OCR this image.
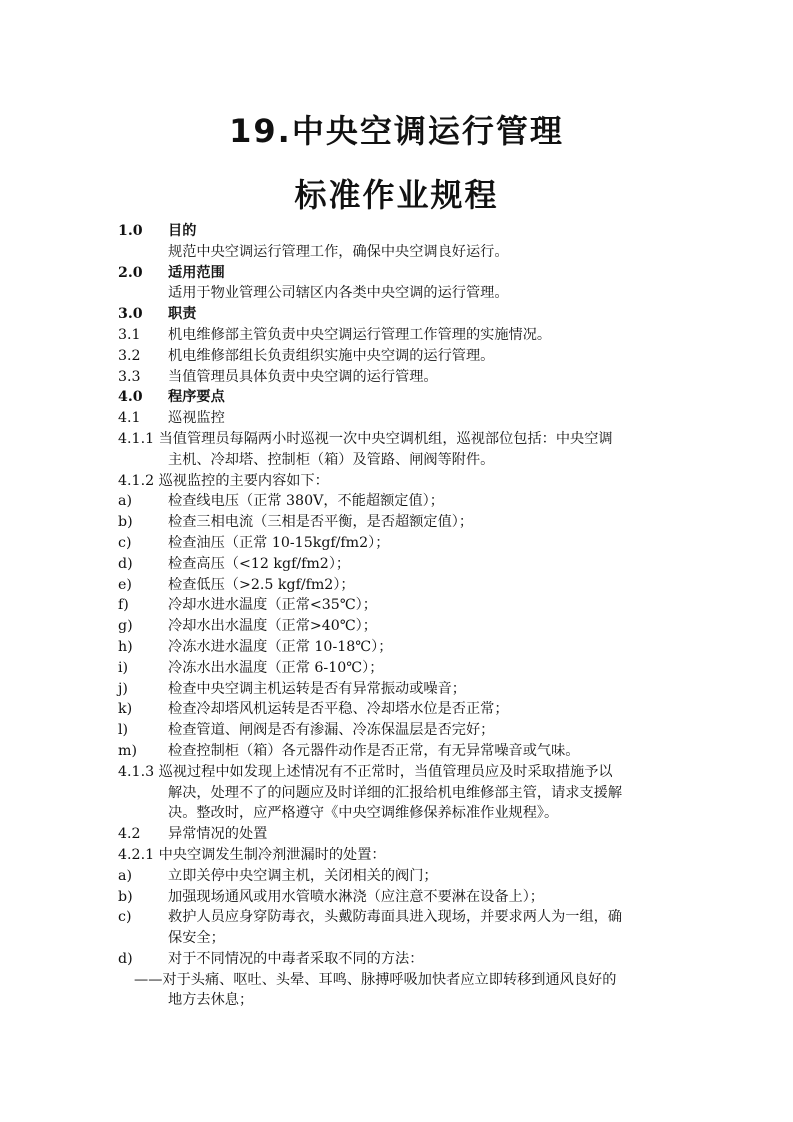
19.中央空调运行管理
标准作业规程
1.0 目的
规范中央空调运行管理工作，确保中央空调良好运行。
2.0 适用范围
适用于物业管理公司辖区内各类中央空调的运行管理。
3.0 职责
3.1 机电维修部主管负责中央空调运行管理工作管理的实施情况。
3.2 机电维修部组长负责组织实施中央空调的运行管理。
3.3 当值管理员具体负责中央空调的运行管理。
4.0 程序要点
4.1 巡视监控
4.1.1 当值管理员每隔两小时巡视一次中央空调机组，巡视部位包括：中央空调
主机、冷却塔、控制柜（箱）及管路、闸阀等附件。
4.1.2 巡视监控的主要内容如下：
a)	检查线电压（正常 380V，不能超额定值）；
b) 检查三相电流（三相是否平衡，是否超额定值）；
c)	检查油压（正常 10-15kgf/fm2）；
d) 检查高压（<12 kgf/fm2）；
e)	检查低压（>2.5 kgf/fm2）；
f)	冷却水进水温度（正常<35℃）；
g) 冷却水出水温度（正常>40℃）；
h) 冷冻水进水温度（正常 10-18℃）；
i)	冷冻水出水温度（正常 6-10℃）；
j)	检查中央空调主机运转是否有异常振动或噪音；
k)	检查冷却塔风机运转是否平稳、冷却塔水位是否正常；
l)	检查管道、闸阀是否有渗漏、冷冻保温层是否完好；
m) 检查控制柜（箱）各元器件动作是否正常，有无异常噪音或气味。
4.1.3 巡视过程中如发现上述情况有不正常时，当值管理员应及时采取措施予以
解决，处理不了的问题应及时详细的汇报给机电维修部主管，请求支援解
决。整改时，应严格遵守《中央空调维修保养标准作业规程》。
4.2 异常情况的处置
4.2.1 中央空调发生制冷剂泄漏时的处置：
a)	立即关停中央空调主机，关闭相关的阀门；
b) 加强现场通风或用水管喷水淋浇（应注意不要淋在设备上）；
c)	救护人员应身穿防毒衣，头戴防毒面具进入现场，并要求两人为一组，确
保安全；
d) 对于不同情况的中毒者采取不同的方法：
——对于头痛、呕吐、头晕、耳鸣、脉搏呼吸加快者应立即转移到通风良好的
地方去休息；
